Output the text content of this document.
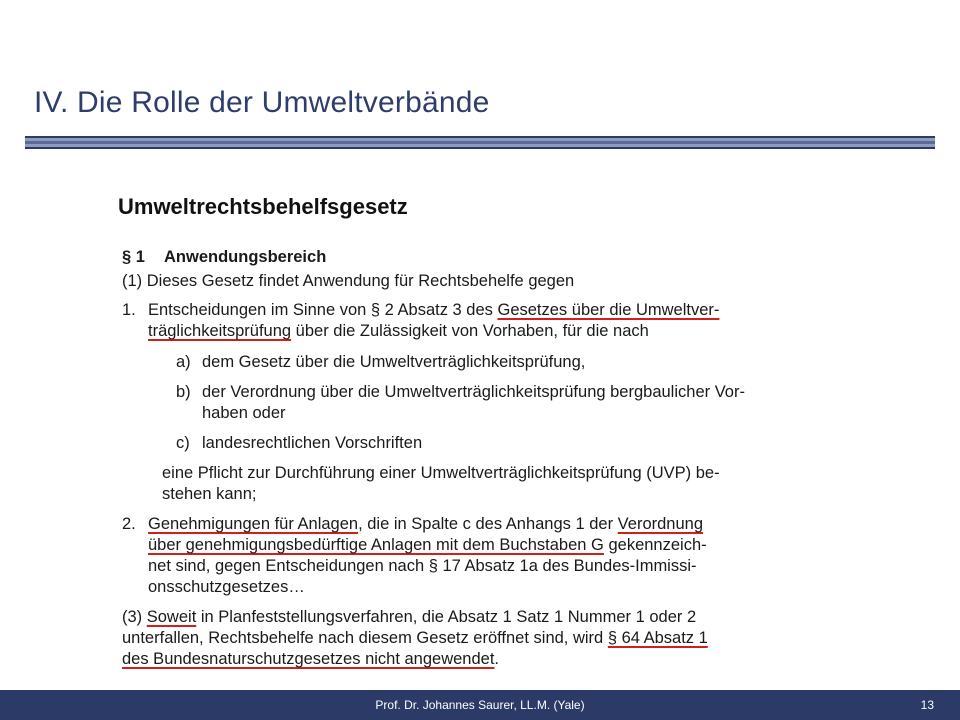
IV. Die Rolle der Umweltverbände
Umweltrechtsbehelfsgesetz

§ 1 Anwendungsbereich

(1) Dieses Gesetz findet Anwendung für Rechtsbehelfe gegen

1. Entscheidungen im Sinne von § 2 Absatz 3 des Gesetzes über die Umweltver-
träglichkeitsprüfung über die Zulässigkeit von Vorhaben, für die nach
a) dem Gesetz über die Umweltverträglichkeitsprüfung,
b) der Verordnung über die Umweltverträglichkeitsprüfung bergbaulicher Vor-
haben oder
c) landesrechtlichen Vorschriften
eine Pflicht zur Durchführung einer Umweltverträglichkeitsprüfung (UVP) be-
stehen kann;
2. Genehmigungen für Anlagen, die in Spalte c des Anhangs 1 der Verordnung
über genehmigungsbedürftige Anlagen mit dem Buchstaben G gekennzeich-
net sind, gegen Entscheidungen nach § 17 Absatz 1a des Bundes-Immissi-
onsschutzgesetzes…

(3) Soweit in Planfeststellungsverfahren, die Absatz 1 Satz 1 Nummer 1 oder 2
unterfallen, Rechtsbehelfe nach diesem Gesetz eröffnet sind, wird § 64 Absatz 1
des Bundesnaturschutzgesetzes nicht angewendet.

Prof. Dr. Johannes Saurer, LL.M. (Yale)	13
